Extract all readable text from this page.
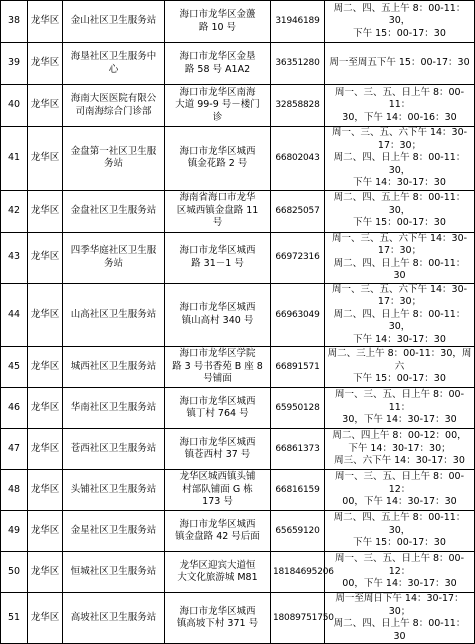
38	龙华区	金山社区卫生服务站	海口市龙华区金蘯
路 10 号	31946189	周二、四、五上午 8：00-11：30，
下午 15：00-17：30
39	龙华区	海垦社区卫生服务中
心	海口市龙华区金垦
路 58 号 A1A2	36351280	周一至周五下午 15：00-17：30
40	龙华区	海南大医医院有限公
司南海综合门诊部	海口市龙华区南海
大道 99-9 号－楼门
诊	32858828	周一、三、五、日上午 8：00-11：
30，下午 14：00-16：30
41	龙华区	金盘第一社区卫生服
务站	海口市龙华区城西
镇金花路 2 号	66802043	周一、三、五、六下午 14：30-17：30；
周二、四、日上午 8：00-11：30，
下午 14：30-17：30
42	龙华区	金盘社区卫生服务站	海南省海口市龙华
区城西镇金盘路 11
号	66825057	周二、四、五上午 8：00-11：30，
下午 15：00-17：30
43	龙华区	四季华庭社区卫生服
务站	海口市龙华区城西
路 31－1 号	66972316	周一、三、五、六下午 14：30-17：30；
周二、四、日上午 8：00-11：
30
44	龙华区	山高社区卫生服务站	海口市龙华区城西
镇山高村 340 号	66963049	周一、三、五、六下午 14：30-17：30；
周二、四、日上午 8：00-11：30，
下午 14：30-17：30
45	龙华区	城西社区卫生服务站	海口市龙华区学院
路 3 号书香苑 B 座 8
号铺面	66891571	周二、三上午 8：00-11：30，周六
下午 15：00-17：30
46	龙华区	华南社区卫生服务站	海口市龙华区城西
镇丁村 764 号	65950128	周一、三、五、日上午 8：00-11：
30，下午 14：30-17：30
47	龙华区	苍西社区卫生服务站	海口市龙华区城西
镇苍西村 37 号	66861373	周二、四上午 8：00-12：00，
下午 14：30-17：30；
周三、六下午 14：30-17：30
48	龙华区	头铺社区卫生服务站	龙华区城西镇头铺
村部队铺面 G 栋
173 号	66816159	周一、三、五、日上午 8：00-12：
00，下午 14：30-17：30
49	龙华区	金星社区卫生服务站	海口市龙华区城西
镇金盘路 42 号后面	65659120	周二、四、五上午 8：00-11：30，
下午 15：00-17：30
50	龙华区	恒城社区卫生服务站	龙华区迎宾大道恒
大文化旅游城 M81	18184695206	周一、三、五、日上午 8：00-12：
00，下午 14：30-17：30
51	龙华区	高坡社区卫生服务站	海口市龙华区城西
镇高坡下村 371 号	18089751750	周一至周日下午 14：30-17：30；
周二、四、日上午 8：00-11：
30
